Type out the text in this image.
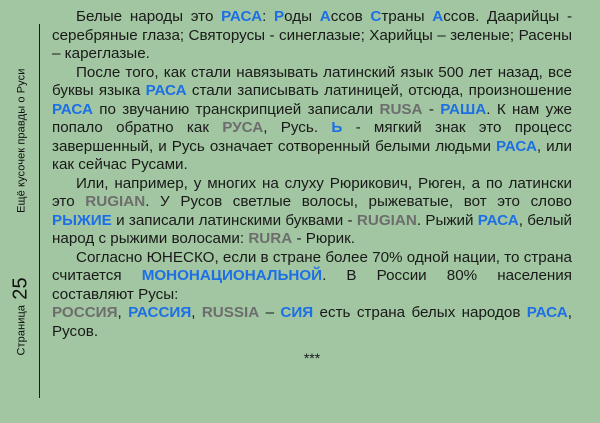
Страница 25  Ещё кусочек правды о Руси

Белые народы это РАСА: Роды Ассов Страны Ассов. Даарийцы - серебряные глаза; Святорусы - синеглазые; Харийцы – зеленые; Расены – кареглазые.

После того, как стали навязывать латинский язык 500 лет назад, все буквы языка РАСА стали записывать латиницей, отсюда, произношение РАСА по звучанию транскрипцией записали RUSA - РАША. К нам уже попало обратно как РУСА, Русь. Ь - мягкий знак это процесс завершенный, и Русь означает сотворенный белыми людьми РАСА, или как сейчас Русами.

Или, например, у многих на слуху Рюрикович, Рюген, а по латински это RUGIAN. У Русов светлые волосы, рыжеватые, вот это слово РЫЖИЕ и записали латинскими буквами - RUGIAN. Рыжий РАСА, белый народ с рыжими волосами: RURA - Рюрик.

Согласно ЮНЕСКО, если в стране более 70% одной нации, то страна считается МОНОНАЦИОНАЛЬНОЙ. В России 80% населения составляют Русы:

РОССИЯ, РАССИЯ, RUSSIA – СИЯ есть страна белых народов РАСА, Русов.

***
